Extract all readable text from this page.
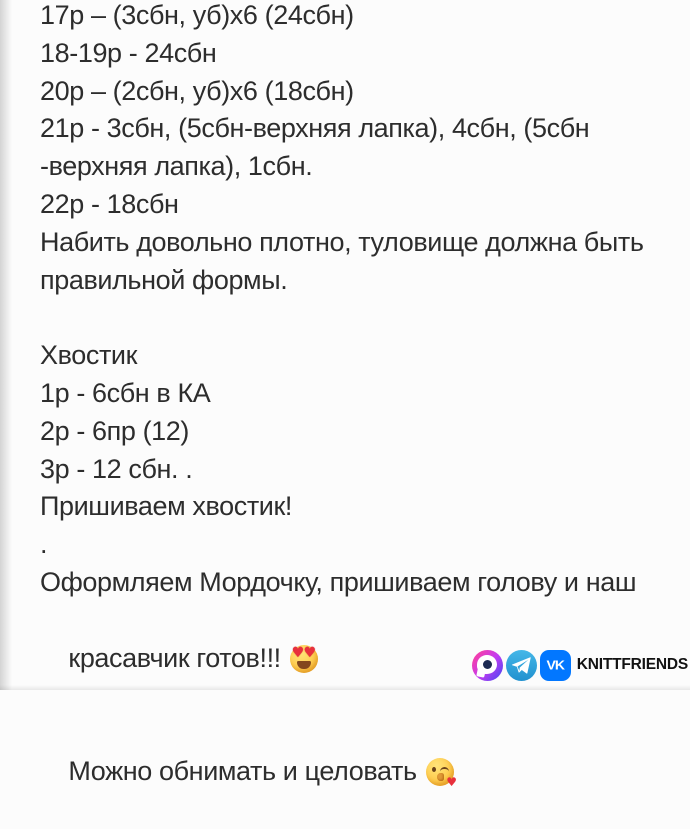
17р – (3сбн, уб)х6 (24сбн)
18-19р - 24сбн
20р – (2сбн, уб)х6 (18сбн)
21р - 3сбн, (5сбн-верхняя лапка), 4сбн, (5сбн
-верхняя лапка), 1сбн.
22р - 18сбн
Набить довольно плотно, туловище должна быть
правильной формы.
Хвостик
1р - 6сбн в КА
2р - 6пр (12)
3р - 12 сбн. .
Пришиваем хвостик!
.
Оформляем Мордочку, пришиваем голову и наш

красавчик готов!!!♥
♥

Можно обнимать и целовать
♥

VK KNITTFRIENDS
